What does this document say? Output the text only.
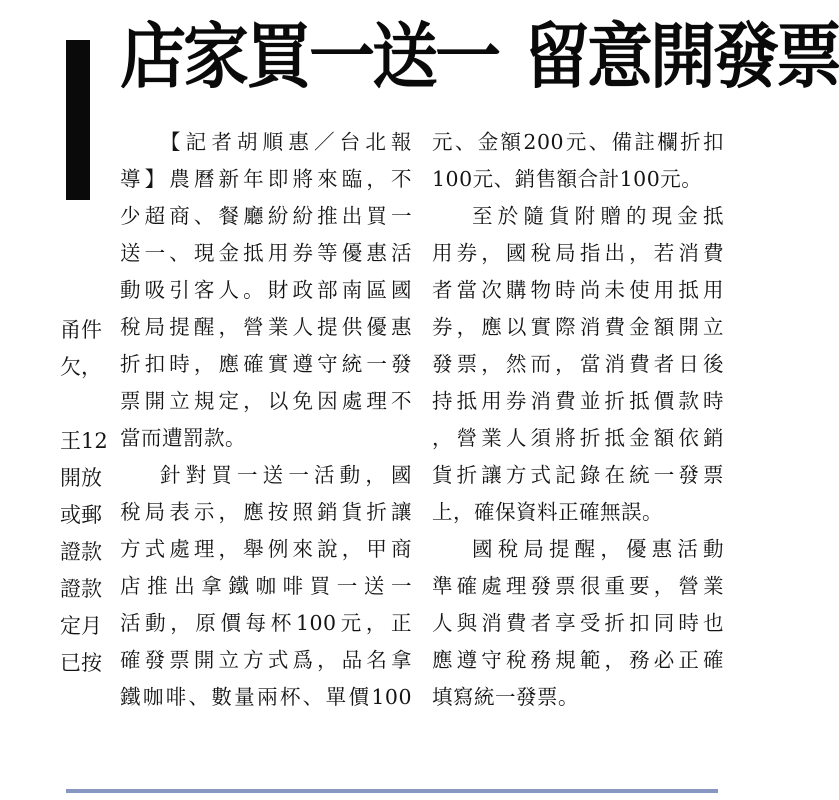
店家買一送一 留意開發票
甬件
欠，
王12
開放
或郵
證款
證款
定月
已按
【記者胡順惠／台北報
導】農曆新年即將來臨，不
少超商、餐廳紛紛推出買一
送一、現金抵用券等優惠活
動吸引客人。財政部南區國
稅局提醒，營業人提供優惠
折扣時，應確實遵守統一發
票開立規定，以免因處理不
當而遭罰款。
針對買一送一活動，國
稅局表示，應按照銷貨折讓
方式處理，舉例來說，甲商
店推出拿鐵咖啡買一送一
活動，原價每杯100元，正
確發票開立方式爲，品名拿
鐵咖啡、數量兩杯、單價100
元、金額200元、備註欄折扣
100元、銷售額合計100元。
至於隨貨附贈的現金抵
用券，國稅局指出，若消費
者當次購物時尚未使用抵用
券，應以實際消費金額開立
發票，然而，當消費者日後
持抵用券消費並折抵價款時
，營業人須將折抵金額依銷
貨折讓方式記錄在統一發票
上，確保資料正確無誤。
國稅局提醒，優惠活動
準確處理發票很重要，營業
人與消費者享受折扣同時也
應遵守稅務規範，務必正確
填寫統一發票。
